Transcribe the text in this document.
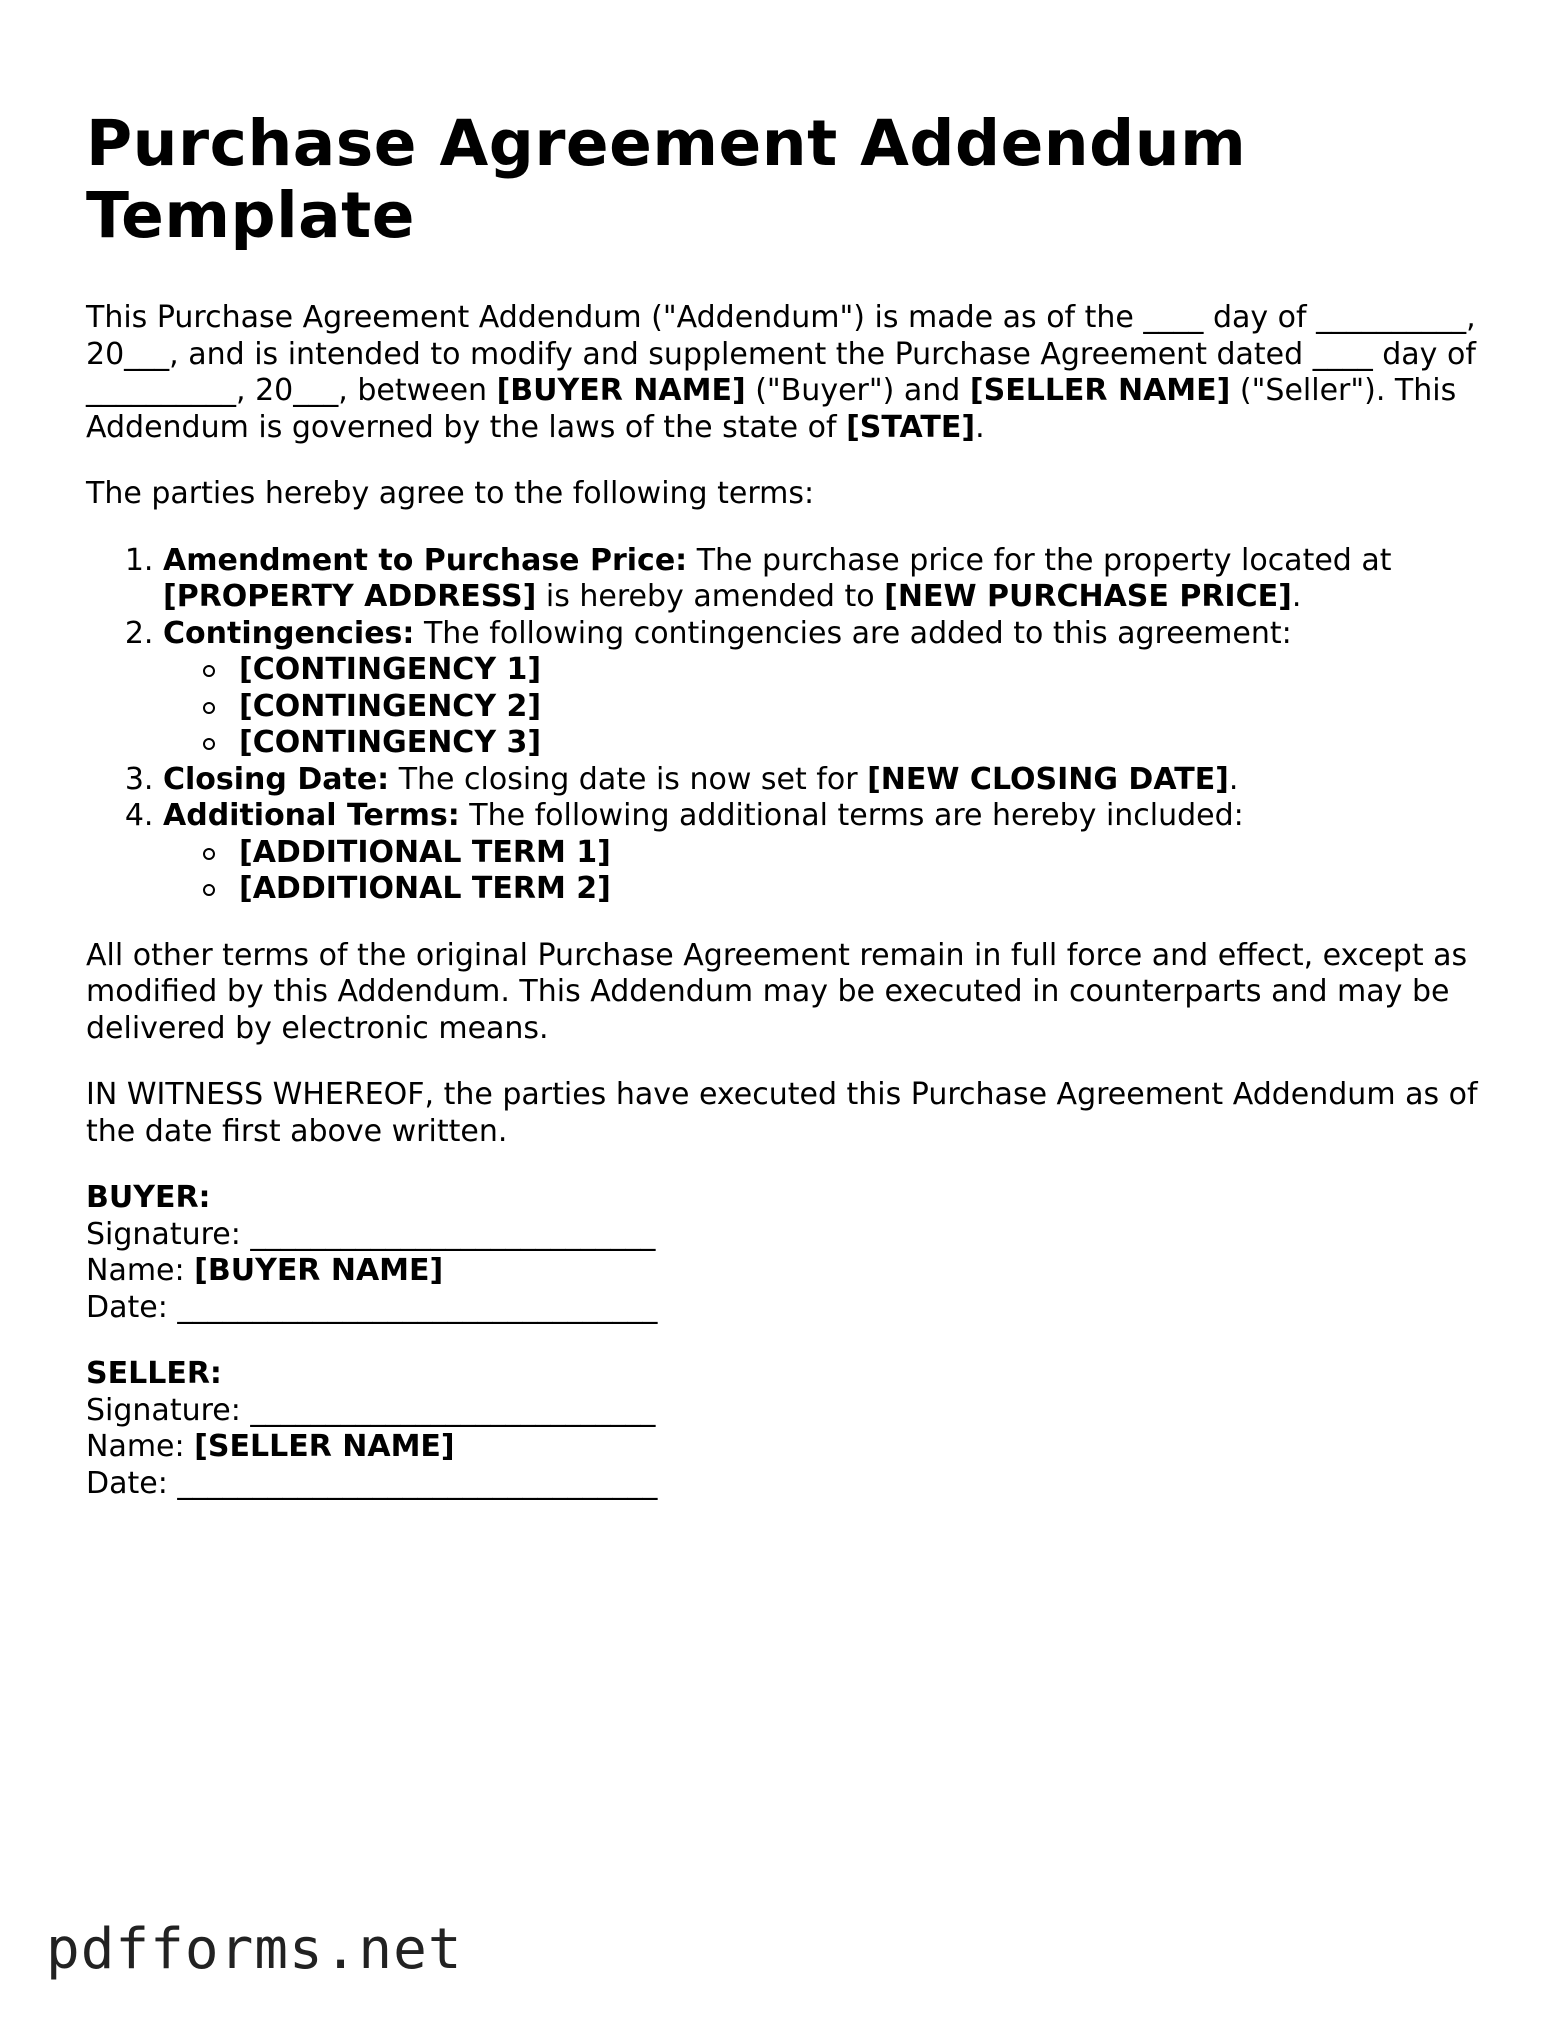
Purchase Agreement Addendum Template

This Purchase Agreement Addendum ("Addendum") is made as of the ____ day of __________, 20___, and is intended to modify and supplement the Purchase Agreement dated ____ day of __________, 20___, between [BUYER NAME] ("Buyer") and [SELLER NAME] ("Seller"). This Addendum is governed by the laws of the state of [STATE].

The parties hereby agree to the following terms:

1. Amendment to Purchase Price: The purchase price for the property located at [PROPERTY ADDRESS] is hereby amended to [NEW PURCHASE PRICE].
2. Contingencies: The following contingencies are added to this agreement:
[CONTINGENCY 1]
[CONTINGENCY 2]
[CONTINGENCY 3]
3. Closing Date: The closing date is now set for [NEW CLOSING DATE].
4. Additional Terms: The following additional terms are hereby included:
[ADDITIONAL TERM 1]
[ADDITIONAL TERM 2]

All other terms of the original Purchase Agreement remain in full force and effect, except as modified by this Addendum. This Addendum may be executed in counterparts and may be delivered by electronic means.

IN WITNESS WHEREOF, the parties have executed this Purchase Agreement Addendum as of the date first above written.

BUYER:
Signature: ___________________________
Name: [BUYER NAME]
Date: ________________________________
SELLER:
Signature: ___________________________
Name: [SELLER NAME]
Date: ________________________________
pdfforms.net
